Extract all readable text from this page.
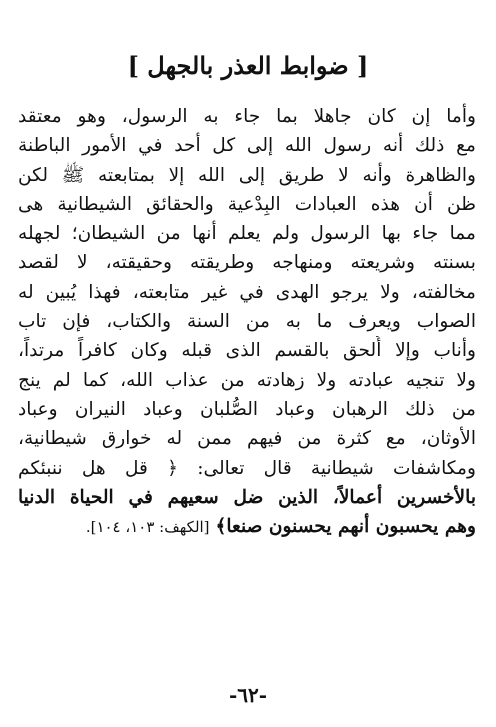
[ ضوابط العذر بالجهل ]
وأما إن كان جاهلا بما جاء به الرسول، وهو معتقد
مع ذلك أنه رسول الله إلى كل أحد في الأمور الباطنة
والظاهرة وأنه لا طريق إلى الله إلا بمتابعته ﷺ لكن
ظن أن هذه العبادات البِدْعية والحقائق الشيطانية هى
مما جاء بها الرسول ولم يعلم أنها من الشيطان؛ لجهله
بسنته وشريعته ومنهاجه وطريقته وحقيقته، لا لقصد
مخالفته، ولا يرجو الهدى في غير متابعته، فهذا يُبين له
الصواب ويعرف ما به من السنة والكتاب، فإن تاب
وأناب وإلا أُلحق بالقسم الذى قبله وكان كافراً مرتداً،
ولا تنجيه عبادته ولا زهادته من عذاب الله، كما لم ينج
من ذلك الرهبان وعباد الصُّلبان وعباد النيران وعباد
الأوثان، مع كثرة من فيهم ممن له خوارق شيطانية،
ومكاشفات شيطانية قال تعالى: ﴿ قل هل ننبئكم
بالأخسرين أعمالاً، الذين ضل سعيهم في الحياة الدنيا
وهم يحسبون أنهم يحسنون صنعا﴾ [الكهف: ١٠٣، ١٠٤].
-٦٢-
